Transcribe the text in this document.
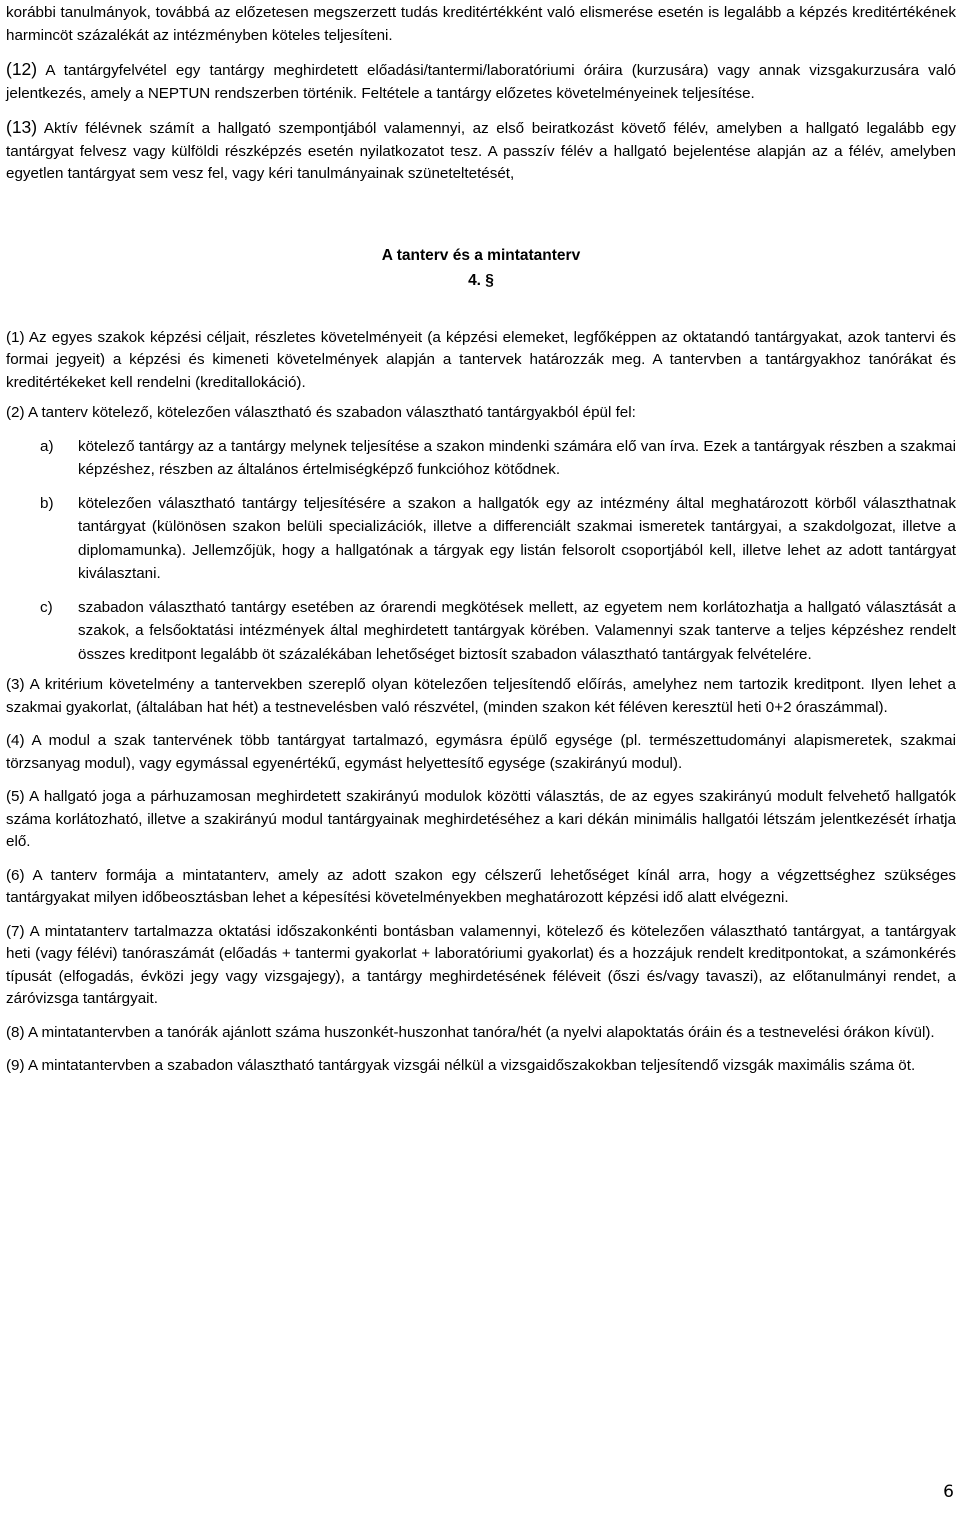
korábbi tanulmányok, továbbá az előzetesen megszerzett tudás kreditértékként való elismerése esetén is legalább a képzés kreditértékének harmincöt százalékát az intézményben köteles teljesíteni.

(12) A tantárgyfelvétel egy tantárgy meghirdetett előadási/tantermi/laboratóriumi óráira (kurzusára) vagy annak vizsgakurzusára való jelentkezés, amely a NEPTUN rendszerben történik. Feltétele a tantárgy előzetes követelményeinek teljesítése.

(13) Aktív félévnek számít a hallgató szempontjából valamennyi, az első beiratkozást követő félév, amelyben a hallgató legalább egy tantárgyat felvesz vagy külföldi részképzés esetén nyilatkozatot tesz. A passzív félév a hallgató bejelentése alapján az a félév, amelyben egyetlen tantárgyat sem vesz fel, vagy kéri tanulmányainak szüneteltetését,

A tanterv és a mintatanterv

4. §

(1) Az egyes szakok képzési céljait, részletes követelményeit (a képzési elemeket, legfőképpen az oktatandó tantárgyakat, azok tantervi és formai jegyeit) a képzési és kimeneti követelmények alapján a tantervek határozzák meg. A tantervben a tantárgyakhoz tanórákat és kreditértékeket kell rendelni (kreditallokáció).

(2) A tanterv kötelező, kötelezően választható és szabadon választható tantárgyakból épül fel:

a) kötelező tantárgy az a tantárgy melynek teljesítése a szakon mindenki számára elő van írva. Ezek a tantárgyak részben a szakmai képzéshez, részben az általános értelmiségképző funkcióhoz kötődnek.

b) kötelezően választható tantárgy teljesítésére a szakon a hallgatók egy az intézmény által meghatározott körből választhatnak tantárgyat (különösen szakon belüli specializációk, illetve a differenciált szakmai ismeretek tantárgyai, a szakdolgozat, illetve a diplomamunka). Jellemzőjük, hogy a hallgatónak a tárgyak egy listán felsorolt csoportjából kell, illetve lehet az adott tantárgyat kiválasztani.

c) szabadon választható tantárgy esetében az órarendi megkötések mellett, az egyetem nem korlátozhatja a hallgató választását a szakok, a felsőoktatási intézmények által meghirdetett tantárgyak körében. Valamennyi szak tanterve a teljes képzéshez rendelt összes kreditpont legalább öt százalékában lehetőséget biztosít szabadon választható tantárgyak felvételére.

(3) A kritérium követelmény a tantervekben szereplő olyan kötelezően teljesítendő előírás, amelyhez nem tartozik kreditpont. Ilyen lehet a szakmai gyakorlat, (általában hat hét) a testnevelésben való részvétel, (minden szakon két féléven keresztül heti 0+2 óraszámmal).

(4) A modul a szak tantervének több tantárgyat tartalmazó, egymásra épülő egysége (pl. természettudományi alapismeretek, szakmai törzsanyag modul), vagy egymással egyenértékű, egymást helyettesítő egysége (szakirányú modul).

(5) A hallgató joga a párhuzamosan meghirdetett szakirányú modulok közötti választás, de az egyes szakirányú modult felvehető hallgatók száma korlátozható, illetve a szakirányú modul tantárgyainak meghirdetéséhez a kari dékán minimális hallgatói létszám jelentkezését írhatja elő.

(6) A tanterv formája a mintatanterv, amely az adott szakon egy célszerű lehetőséget kínál arra, hogy a végzettséghez szükséges tantárgyakat milyen időbeosztásban lehet a képesítési követelményekben meghatározott képzési idő alatt elvégezni.

(7) A mintatanterv tartalmazza oktatási időszakonkénti bontásban valamennyi, kötelező és kötelezően választható tantárgyat, a tantárgyak heti (vagy félévi) tanóraszámát (előadás + tantermi gyakorlat + laboratóriumi gyakorlat) és a hozzájuk rendelt kreditpontokat, a számonkérés típusát (elfogadás, évközi jegy vagy vizsgajegy), a tantárgy meghirdetésének féléveit (őszi és/vagy tavaszi), az előtanulmányi rendet, a záróvizsga tantárgyait.

(8) A mintatantervben a tanórák ajánlott száma huszonkét-huszonhat tanóra/hét (a nyelvi alapoktatás óráin és a testnevelési órákon kívül).

(9) A mintatantervben a szabadon választható tantárgyak vizsgái nélkül a vizsgaidőszakokban teljesítendő vizsgák maximális száma öt.

6
